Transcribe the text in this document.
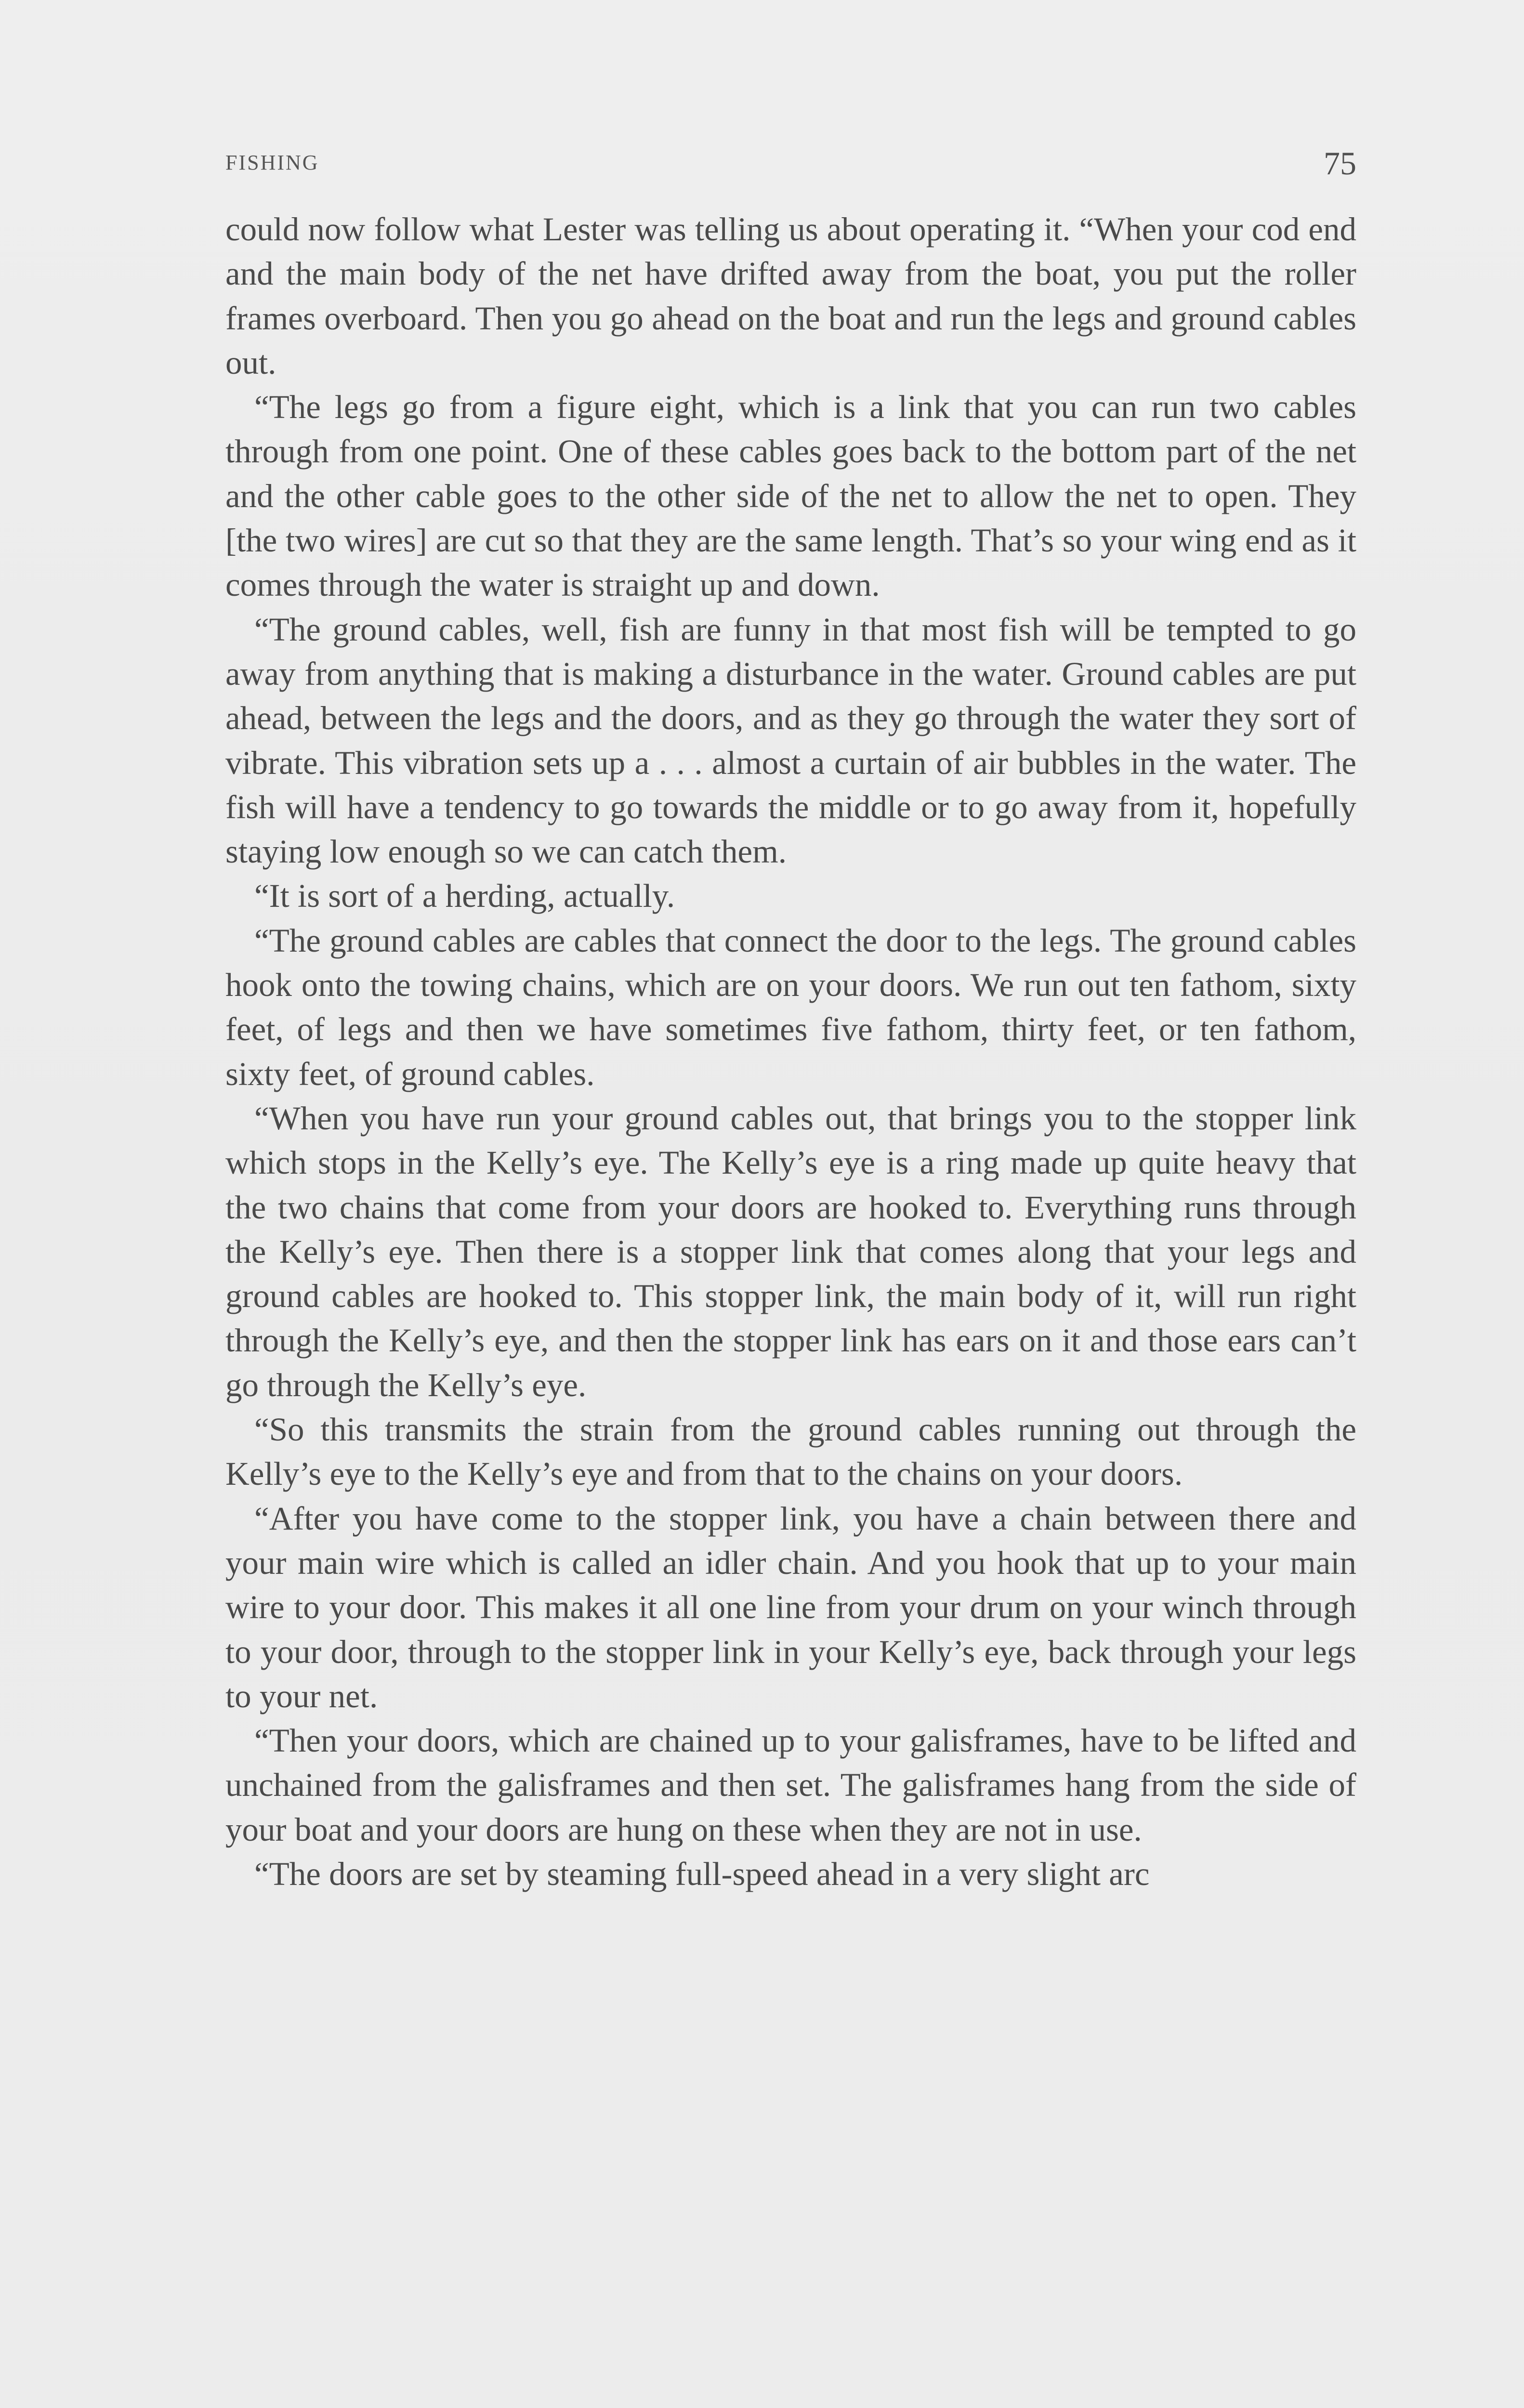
FISHING	75

could now follow what Lester was telling us about operating it. “When your cod end and the main body of the net have drifted away from the boat, you put the roller frames overboard. Then you go ahead on the boat and run the legs and ground cables out.

“The legs go from a figure eight, which is a link that you can run two cables through from one point. One of these cables goes back to the bottom part of the net and the other cable goes to the other side of the net to allow the net to open. They [the two wires] are cut so that they are the same length. That’s so your wing end as it comes through the water is straight up and down.

“The ground cables, well, fish are funny in that most fish will be tempted to go away from anything that is making a disturbance in the water. Ground cables are put ahead, between the legs and the doors, and as they go through the water they sort of vibrate. This vibration sets up a . . . almost a curtain of air bubbles in the water. The fish will have a tendency to go towards the middle or to go away from it, hopefully staying low enough so we can catch them.

“It is sort of a herding, actually.

“The ground cables are cables that connect the door to the legs. The ground cables hook onto the towing chains, which are on your doors. We run out ten fathom, sixty feet, of legs and then we have sometimes five fathom, thirty feet, or ten fathom, sixty feet, of ground cables.

“When you have run your ground cables out, that brings you to the stopper link which stops in the Kelly’s eye. The Kelly’s eye is a ring made up quite heavy that the two chains that come from your doors are hooked to. Everything runs through the Kelly’s eye. Then there is a stopper link that comes along that your legs and ground cables are hooked to. This stopper link, the main body of it, will run right through the Kelly’s eye, and then the stopper link has ears on it and those ears can’t go through the Kelly’s eye.

“So this transmits the strain from the ground cables running out through the Kelly’s eye to the Kelly’s eye and from that to the chains on your doors.

“After you have come to the stopper link, you have a chain between there and your main wire which is called an idler chain. And you hook that up to your main wire to your door. This makes it all one line from your drum on your winch through to your door, through to the stopper link in your Kelly’s eye, back through your legs to your net.

“Then your doors, which are chained up to your galisframes, have to be lifted and unchained from the galisframes and then set. The galisframes hang from the side of your boat and your doors are hung on these when they are not in use.

“The doors are set by steaming full-speed ahead in a very slight arc
